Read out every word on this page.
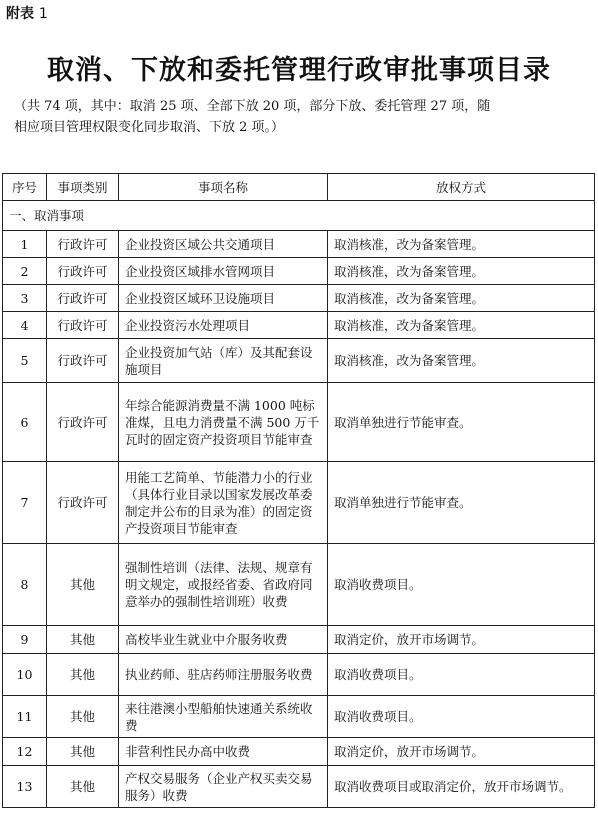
附表 1
取消、下放和委托管理行政审批事项目录
（共 74 项，其中：取消 25 项、全部下放 20 项，部分下放、委托管理 27 项，随
相应项目管理权限变化同步取消、下放 2 项。）
序号	事项类别	事项名称	放权方式
一、取消事项			
1	行政许可	企业投资区域公共交通项目	取消核准，改为备案管理。
2	行政许可	企业投资区域排水管网项目	取消核准，改为备案管理。
3	行政许可	企业投资区域环卫设施项目	取消核准，改为备案管理。
4	行政许可	企业投资污水处理项目	取消核准，改为备案管理。
5	行政许可	企业投资加气站（库）及其配套设施项目	取消核准，改为备案管理。
6	行政许可	年综合能源消费量不满 1000 吨标准煤，且电力消费量不满 500 万千瓦时的固定资产投资项目节能审查	取消单独进行节能审查。
7	行政许可	用能工艺简单、节能潜力小的行业（具体行业目录以国家发展改革委制定并公布的目录为准）的固定资产投资项目节能审查	取消单独进行节能审查。
8	其他	强制性培训（法律、法规、规章有明文规定，或报经省委、省政府同意举办的强制性培训班）收费	取消收费项目。
9	其他	高校毕业生就业中介服务收费	取消定价，放开市场调节。
10	其他	执业药师、驻店药师注册服务收费	取消收费项目。
11	其他	来往港澳小型船舶快速通关系统收费	取消收费项目。
12	其他	非营利性民办高中收费	取消定价，放开市场调节。
13	其他	产权交易服务（企业产权买卖交易服务）收费	取消收费项目或取消定价，放开市场调节。
